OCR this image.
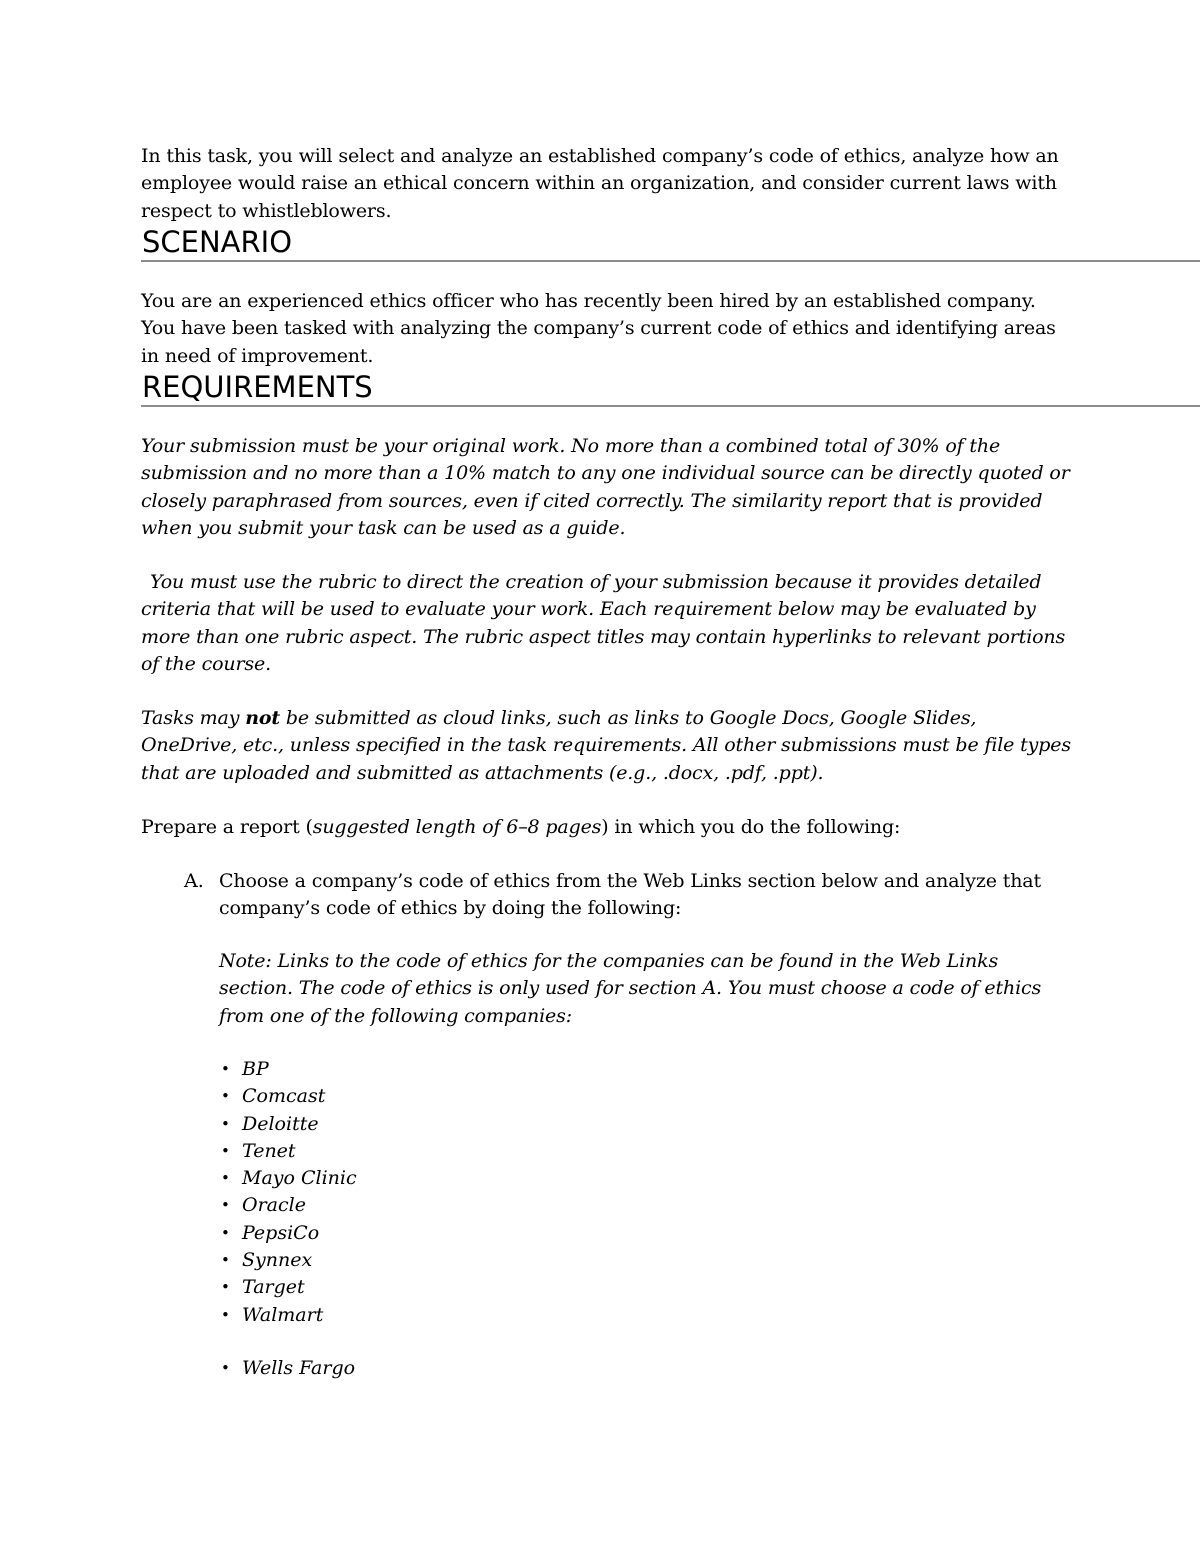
In this task, you will select and analyze an established company’s code of ethics, analyze how an employee would raise an ethical concern within an organization, and consider current laws with respect to whistleblowers.

SCENARIO

You are an experienced ethics officer who has recently been hired by an established company. You have been tasked with analyzing the company’s current code of ethics and identifying areas in need of improvement.

REQUIREMENTS

Your submission must be your original work. No more than a combined total of 30% of the submission and no more than a 10% match to any one individual source can be directly quoted or closely paraphrased from sources, even if cited correctly. The similarity report that is provided when you submit your task can be used as a guide.

You must use the rubric to direct the creation of your submission because it provides detailed criteria that will be used to evaluate your work. Each requirement below may be evaluated by more than one rubric aspect. The rubric aspect titles may contain hyperlinks to relevant portions of the course.

Tasks may not be submitted as cloud links, such as links to Google Docs, Google Slides, OneDrive, etc., unless specified in the task requirements. All other submissions must be file types that are uploaded and submitted as attachments (e.g., .docx, .pdf, .ppt).

Prepare a report (suggested length of 6–8 pages) in which you do the following:

A. Choose a company’s code of ethics from the Web Links section below and analyze that company’s code of ethics by doing the following:

Note: Links to the code of ethics for the companies can be found in the Web Links section. The code of ethics is only used for section A. You must choose a code of ethics from one of the following companies:

• BP
• Comcast
• Deloitte
• Tenet
• Mayo Clinic
• Oracle
• PepsiCo
• Synnex
• Target
• Walmart
• Wells Fargo
